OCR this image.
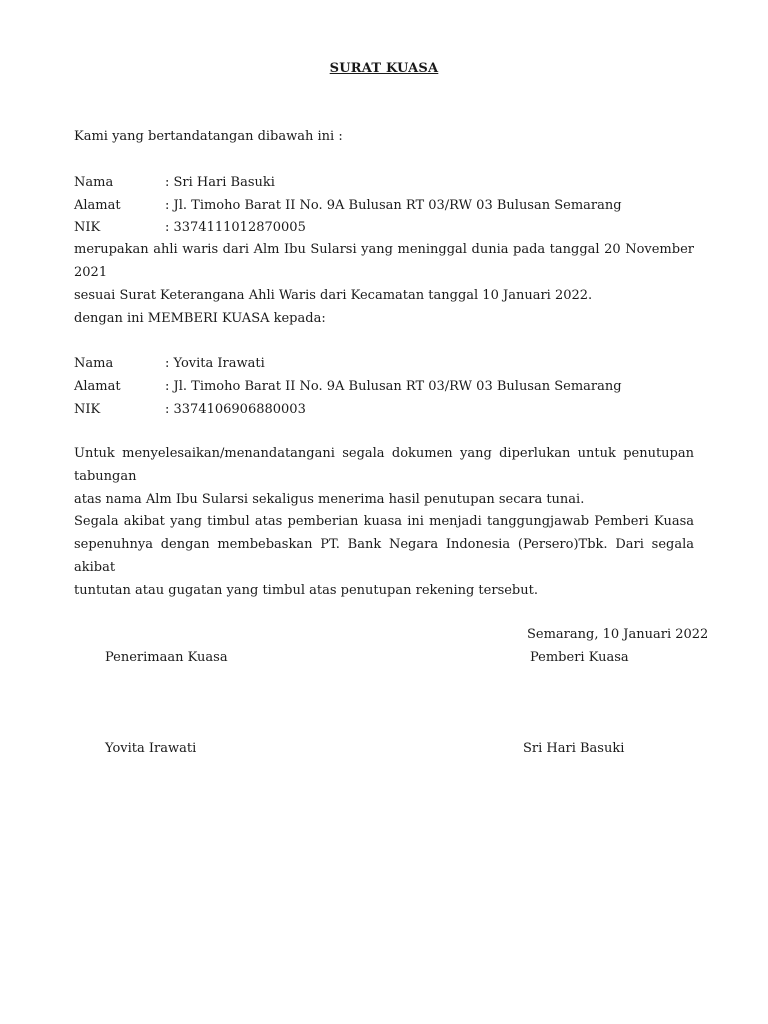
SURAT KUASA
Kami yang bertandatangan dibawah ini :
Nama	: Sri Hari Basuki
Alamat	: Jl. Timoho Barat II No. 9A Bulusan RT 03/RW 03 Bulusan Semarang
NIK	: 3374111012870005
merupakan ahli waris dari Alm Ibu Sularsi yang meninggal dunia pada tanggal 20 November 2021
sesuai Surat Keterangana Ahli Waris dari Kecamatan tanggal 10 Januari 2022.
dengan ini MEMBERI KUASA kepada:
Nama	: Yovita Irawati
Alamat	: Jl. Timoho Barat II No. 9A Bulusan RT 03/RW 03 Bulusan Semarang
NIK	: 3374106906880003
Untuk menyelesaikan/menandatangani segala dokumen yang diperlukan untuk penutupan tabungan
atas nama Alm Ibu Sularsi sekaligus menerima hasil penutupan secara tunai.
Segala akibat yang timbul atas pemberian kuasa ini menjadi tanggungjawab Pemberi Kuasa
sepenuhnya dengan membebaskan PT. Bank Negara Indonesia (Persero)Tbk. Dari segala akibat
tuntutan atau gugatan yang timbul atas penutupan rekening tersebut.
Semarang, 10 Januari 2022
Penerimaan Kuasa	Pemberi Kuasa
Yovita Irawati	Sri Hari Basuki
